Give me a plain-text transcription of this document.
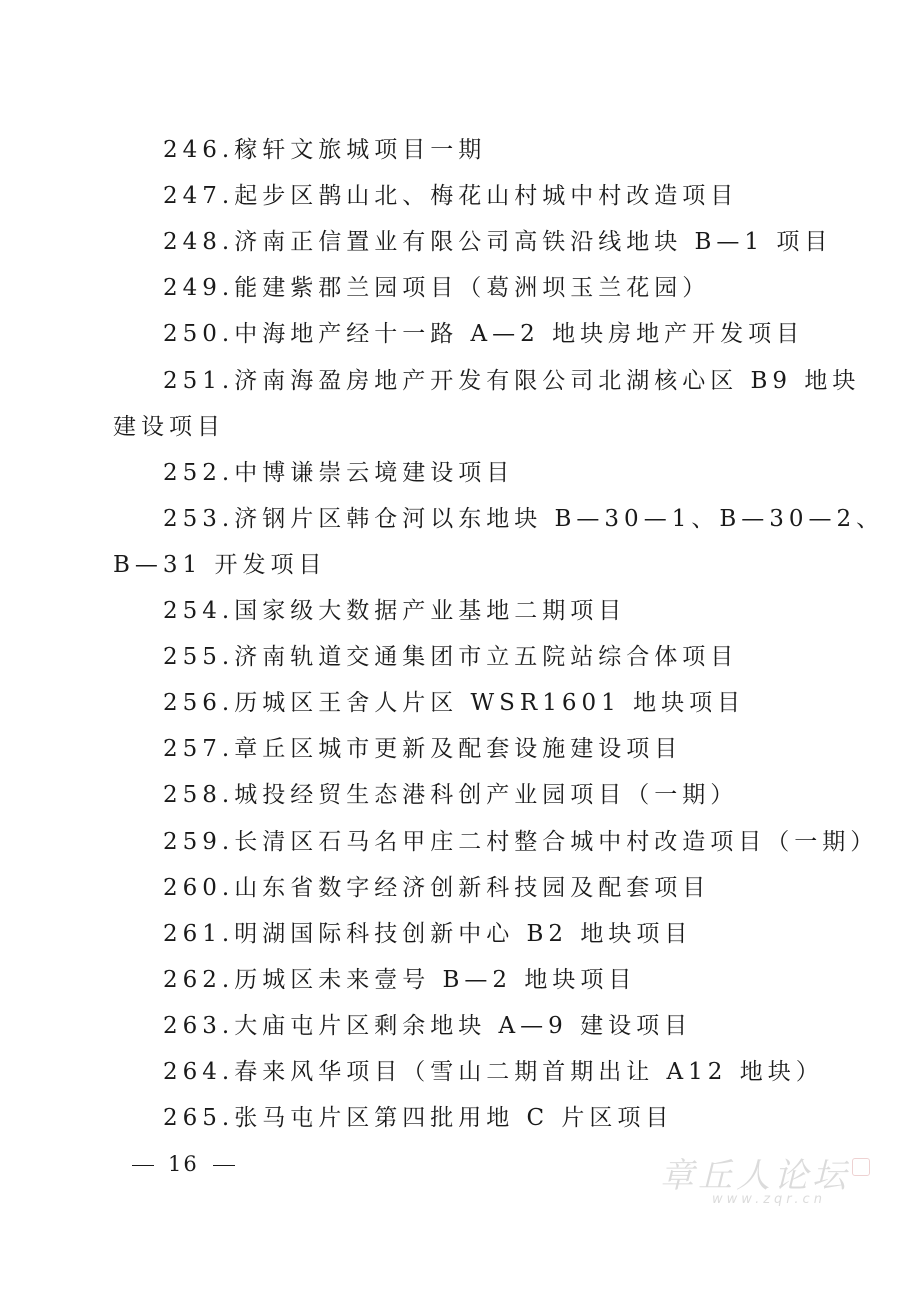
246.稼轩文旅城项目一期
247.起步区鹊山北、梅花山村城中村改造项目
248.济南正信置业有限公司高铁沿线地块 B—1 项目
249.能建紫郡兰园项目（葛洲坝玉兰花园）
250.中海地产经十一路 A—2 地块房地产开发项目
251.济南海盈房地产开发有限公司北湖核心区 B9 地块
建设项目
252.中博谦崇云境建设项目
253.济钢片区韩仓河以东地块 B—30—1、B—30—2、
B—31 开发项目
254.国家级大数据产业基地二期项目
255.济南轨道交通集团市立五院站综合体项目
256.历城区王舍人片区 WSR1601 地块项目
257.章丘区城市更新及配套设施建设项目
258.城投经贸生态港科创产业园项目（一期）
259.长清区石马名甲庄二村整合城中村改造项目（一期）
260.山东省数字经济创新科技园及配套项目
261.明湖国际科技创新中心 B2 地块项目
262.历城区未来壹号 B—2 地块项目
263.大庙屯片区剩余地块 A—9 建设项目
264.春来风华项目（雪山二期首期出让 A12 地块）
265.张马屯片区第四批用地 C 片区项目
16	章丘人论坛
www.zqr.cn
